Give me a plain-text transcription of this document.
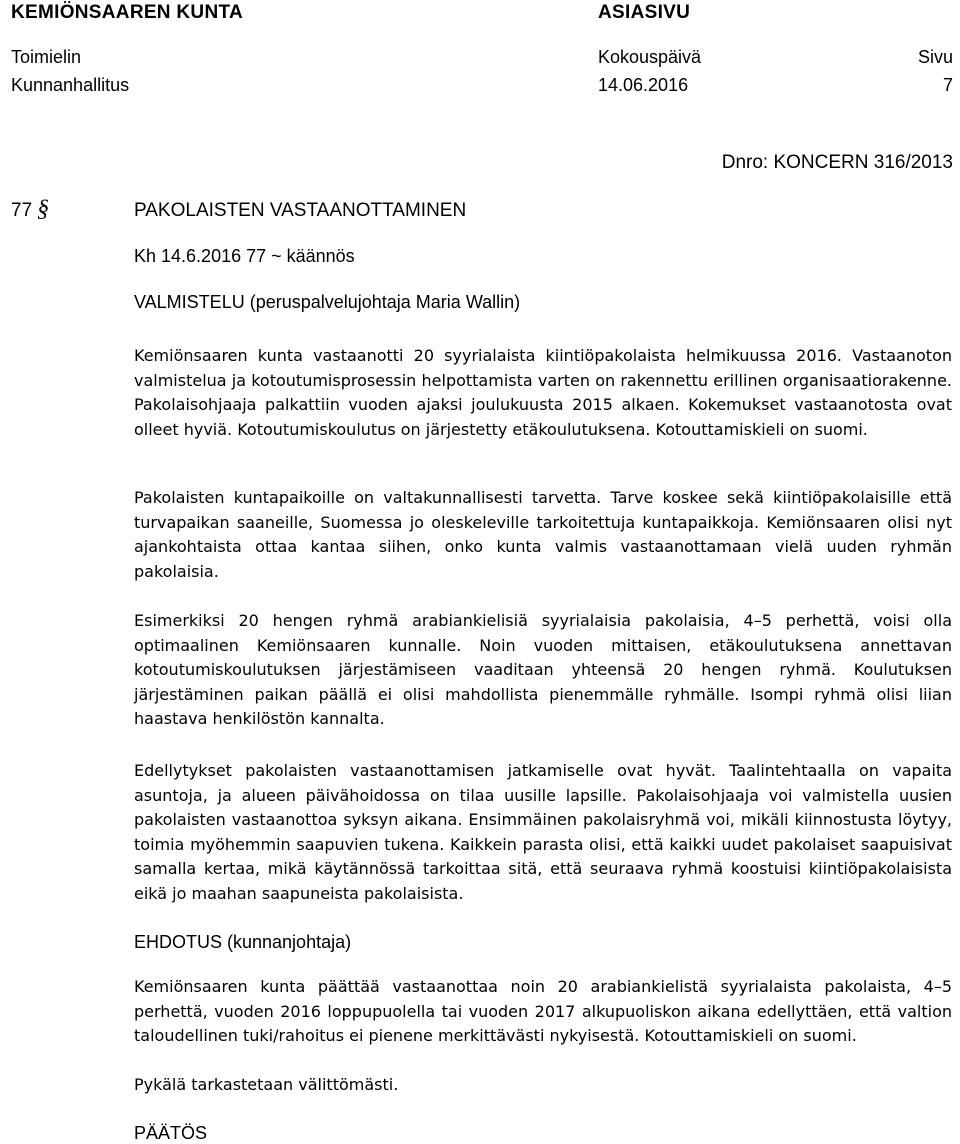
KEMIÖNSAAREN KUNTA	ASIASIVU
Toimielin	Kokouspäivä	Sivu
Kunnanhallitus	14.06.2016	7
Dnro: KONCERN 316/2013
77 §	PAKOLAISTEN VASTAANOTTAMINEN
Kh 14.6.2016 77 ~ käännös
VALMISTELU (peruspalvelujohtaja Maria Wallin)

Kemiönsaaren kunta vastaanotti 20 syyrialaista kiintiöpakolaista helmikuussa 2016. Vastaanoton valmistelua ja kotoutumisprosessin helpottamista varten on rakennettu erillinen organisaatiorakenne. Pakolaisohjaaja palkattiin vuoden ajaksi joulukuusta 2015 alkaen. Kokemukset vastaanotosta ovat olleet hyviä. Kotoutumiskoulutus on järjestetty etäkoulutuksena. Kotouttamiskieli on suomi.

Pakolaisten kuntapaikoille on valtakunnallisesti tarvetta. Tarve koskee sekä kiintiöpakolaisille että turvapaikan saaneille, Suomessa jo oleskeleville tarkoitettuja kuntapaikkoja. Kemiönsaaren olisi nyt ajankohtaista ottaa kantaa siihen, onko kunta valmis vastaanottamaan vielä uuden ryhmän pakolaisia.

Esimerkiksi 20 hengen ryhmä arabiankielisiä syyrialaisia pakolaisia, 4–5 perhettä, voisi olla optimaalinen Kemiönsaaren kunnalle. Noin vuoden mittaisen, etäkoulutuksena annettavan kotoutumiskoulutuksen järjestämiseen vaaditaan yhteensä 20 hengen ryhmä. Koulutuksen järjestäminen paikan päällä ei olisi mahdollista pienemmälle ryhmälle. Isompi ryhmä olisi liian haastava henkilöstön kannalta.

Edellytykset pakolaisten vastaanottamisen jatkamiselle ovat hyvät. Taalintehtaalla on vapaita asuntoja, ja alueen päivähoidossa on tilaa uusille lapsille. Pakolaisohjaaja voi valmistella uusien pakolaisten vastaanottoa syksyn aikana. Ensimmäinen pakolaisryhmä voi, mikäli kiinnostusta löytyy, toimia myöhemmin saapuvien tukena. Kaikkein parasta olisi, että kaikki uudet pakolaiset saapuisivat samalla kertaa, mikä käytännössä tarkoittaa sitä, että seuraava ryhmä koostuisi kiintiöpakolaisista eikä jo maahan saapuneista pakolaisista.

EHDOTUS (kunnanjohtaja)

Kemiönsaaren kunta päättää vastaanottaa noin 20 arabiankielistä syyrialaista pakolaista, 4–5 perhettä, vuoden 2016 loppupuolella tai vuoden 2017 alkupuoliskon aikana edellyttäen, että valtion taloudellinen tuki/rahoitus ei pienene merkittävästi nykyisestä. Kotouttamiskieli on suomi.

Pykälä tarkastetaan välittömästi.
PÄÄTÖS
